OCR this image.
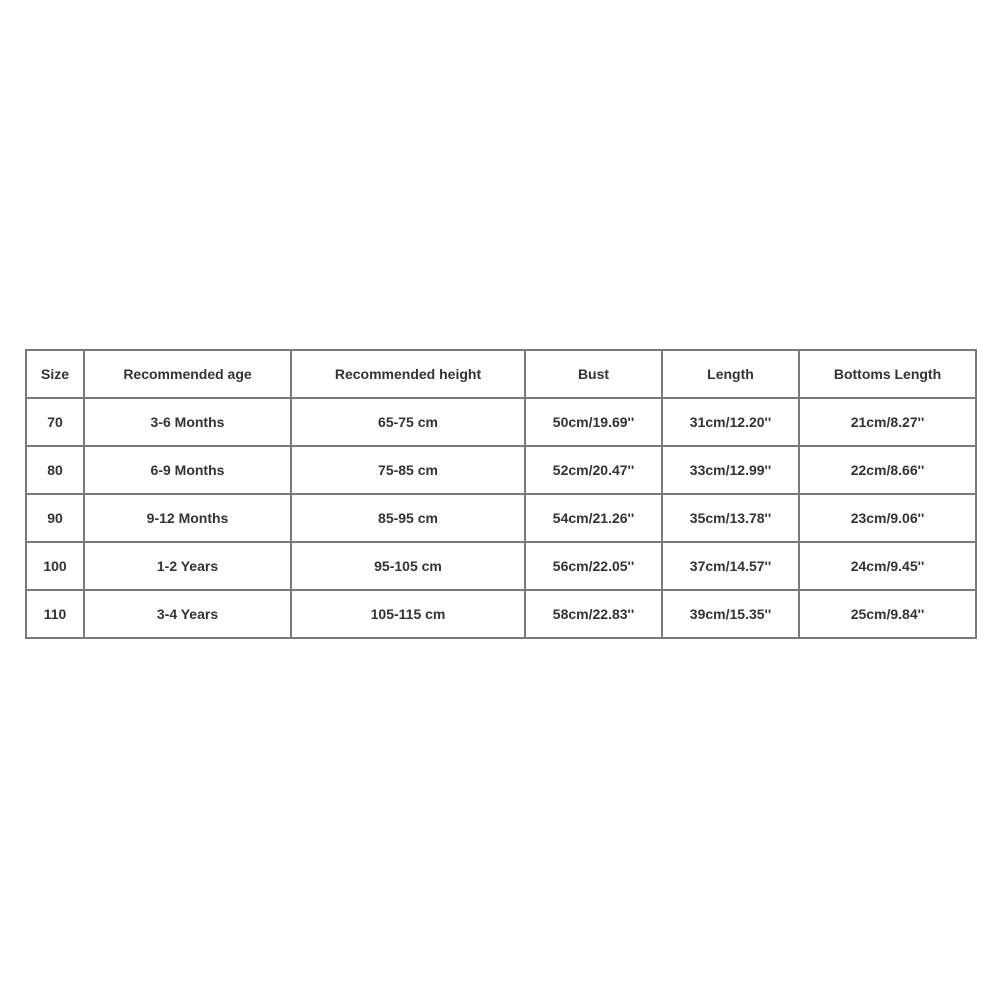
Size	Recommended age	Recommended height	Bust	Length	Bottoms Length
70	3-6 Months	65-75 cm	50cm/19.69''	31cm/12.20''	21cm/8.27''
80	6-9 Months	75-85 cm	52cm/20.47''	33cm/12.99''	22cm/8.66''
90	9-12 Months	85-95 cm	54cm/21.26''	35cm/13.78''	23cm/9.06''
100	1-2 Years	95-105 cm	56cm/22.05''	37cm/14.57''	24cm/9.45''
110	3-4 Years	105-115 cm	58cm/22.83''	39cm/15.35''	25cm/9.84''
